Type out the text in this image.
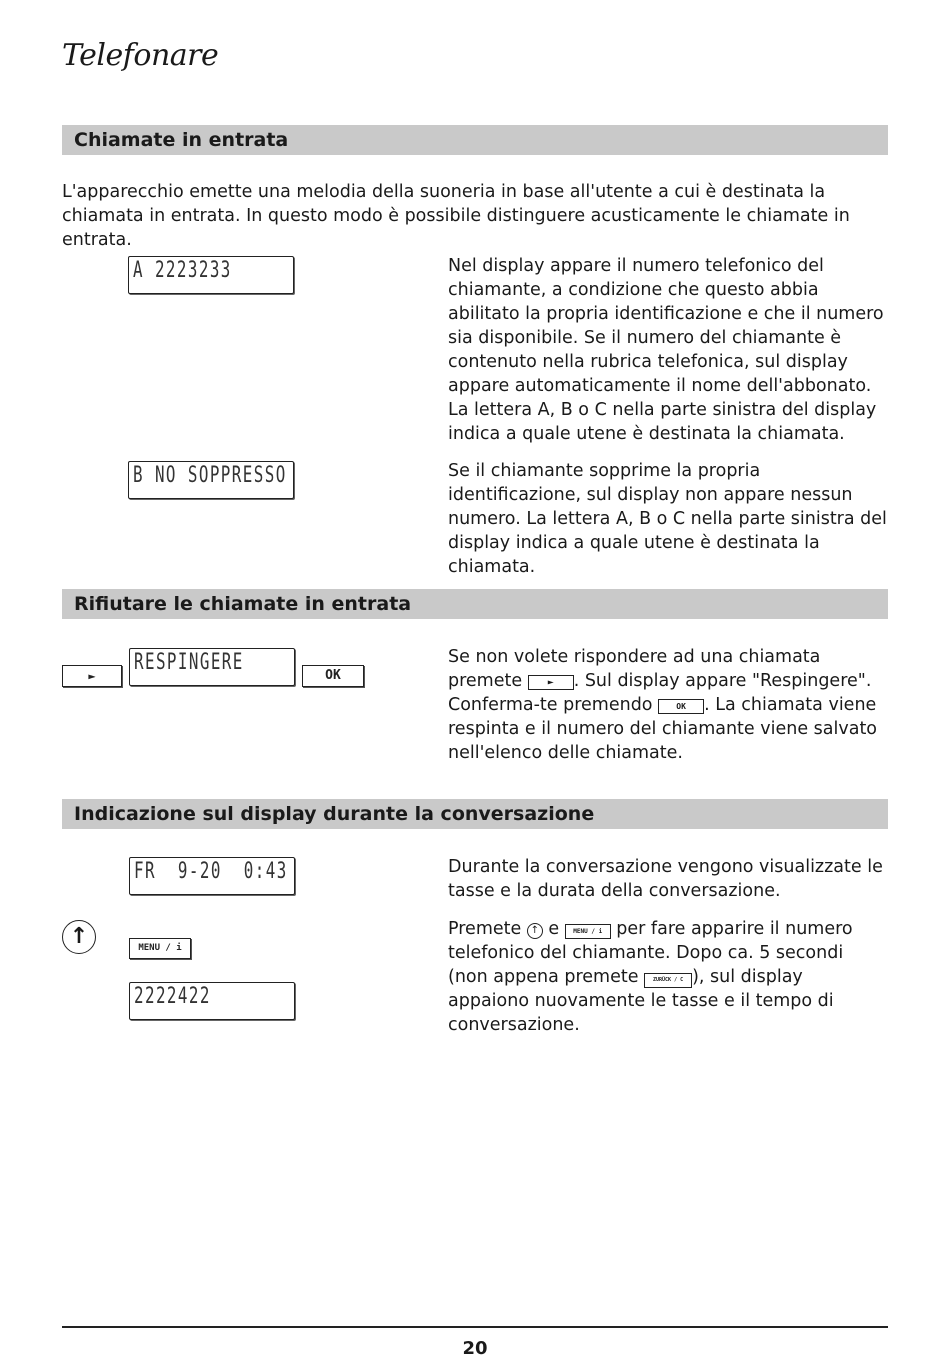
Telefonare
Chiamate in entrata

L'apparecchio emette una melodia della suoneria in base all'utente a cui è destinata la chiamata in entrata. In questo modo è possibile distinguere acusticamente le chiamate in entrata.

A 2223233	Nel display appare il numero telefonico del chiamante, a condizione che questo abbia abilitato la propria identificazione e che il numero sia disponibile. Se il numero del chiamante è contenuto nella rubrica telefonica, sul display appare automaticamente il nome dell'abbonato. La lettera A, B o C nella parte sinistra del display indica a quale utene è destinata la chiamata.

B NO SOPPRESSO	Se il chiamante sopprime la propria identificazione, sul display non appare nessun numero. La lettera A, B o C nella parte sinistra del display indica a quale utene è destinata la chiamata.

Rifiutare le chiamate in entrata
►
RESPINGERE
OK

Se non volete rispondere ad una chiamata premete ► . Sul display appare "Respingere". Conferma-te premendo OK . La chiamata viene respinta e il numero del chiamante viene salvato nell'elenco delle chiamate.

Indicazione sul display durante la conversazione
FR  9-20  0:43
↑	MENU / i
2222422

Durante la conversazione vengono visualizzate le tasse e la durata della conversazione.

Premete ↑ e MENU / i per fare apparire il numero telefonico del chiamante. Dopo ca. 5 secondi (non appena premete ZURÜCK / C ), sul display appaiono nuovamente le tasse e il tempo di conversazione.

20
